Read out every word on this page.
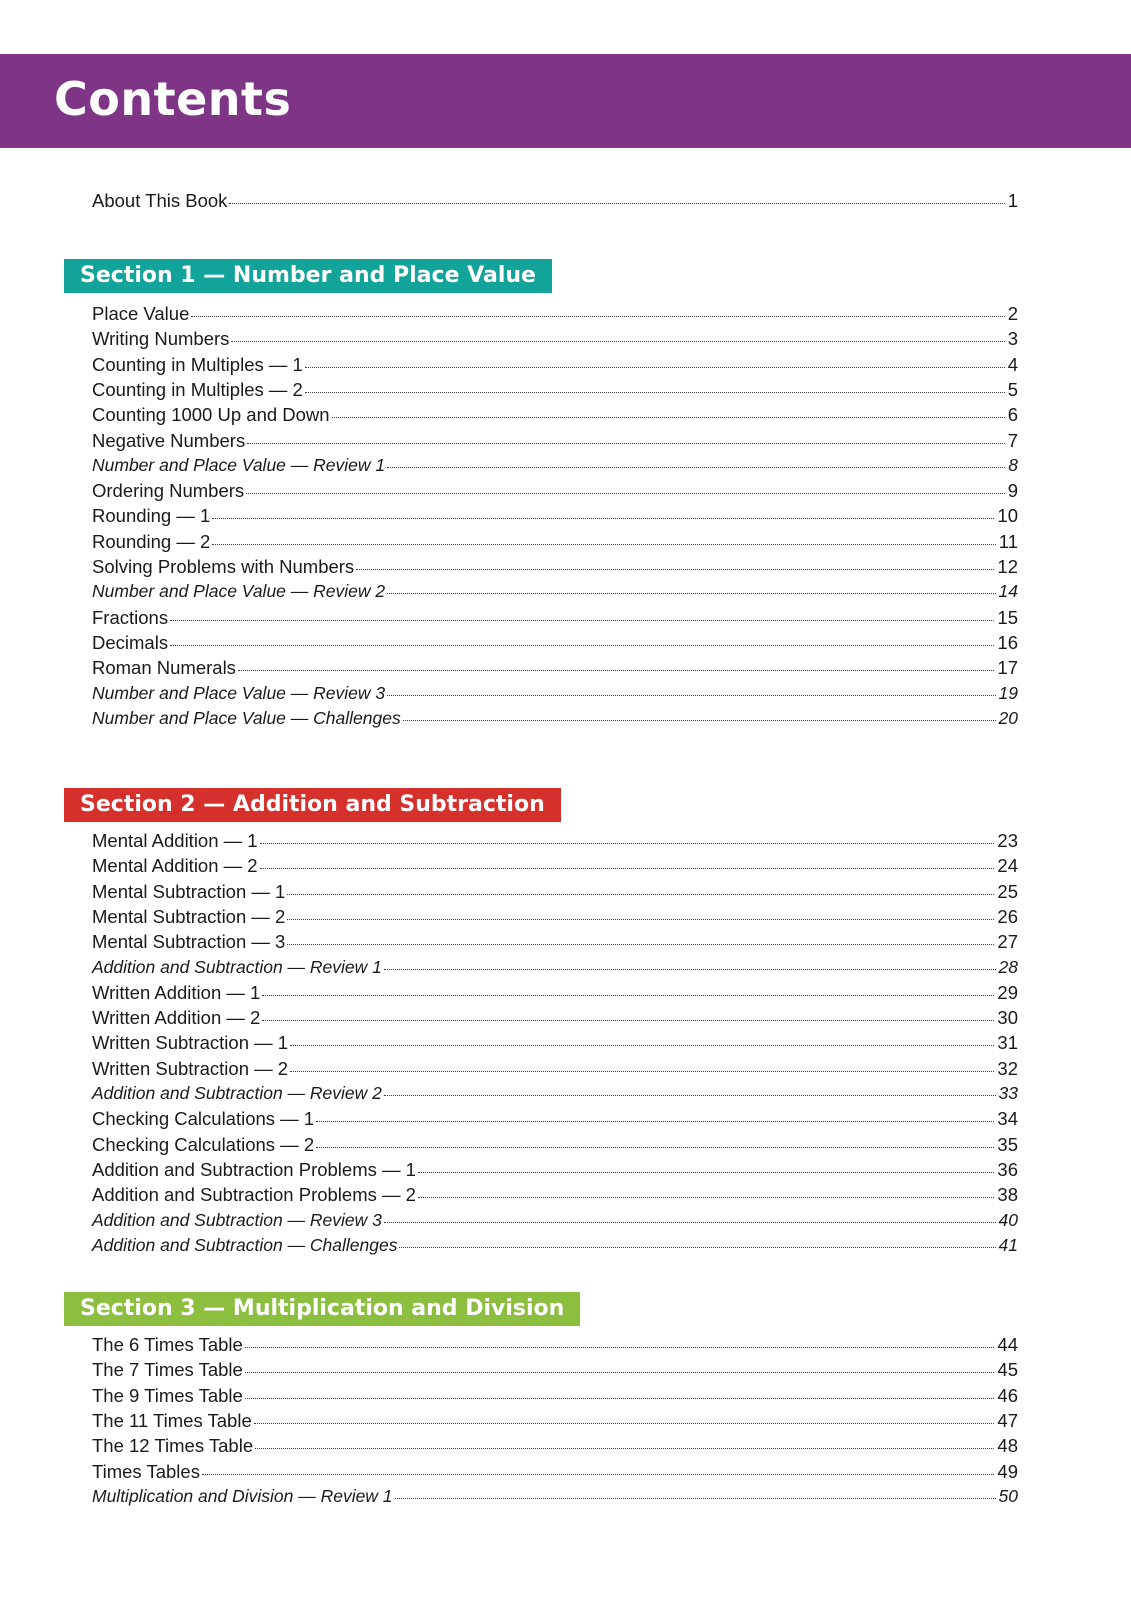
Contents
About This Book	1
Section 1 — Number and Place Value
Place Value	2
Writing Numbers	3
Counting in Multiples — 1	4
Counting in Multiples — 2	5
Counting 1000 Up and Down	6
Negative Numbers	7
Number and Place Value — Review 1	8
Ordering Numbers	9
Rounding — 1	10
Rounding — 2	11
Solving Problems with Numbers	12
Number and Place Value — Review 2	14
Fractions	15
Decimals	16
Roman Numerals	17
Number and Place Value — Review 3	19
Number and Place Value — Challenges	20
Section 2 — Addition and Subtraction
Mental Addition — 1	23
Mental Addition — 2	24
Mental Subtraction — 1	25
Mental Subtraction — 2	26
Mental Subtraction — 3	27
Addition and Subtraction — Review 1	28
Written Addition — 1	29
Written Addition — 2	30
Written Subtraction — 1	31
Written Subtraction — 2	32
Addition and Subtraction — Review 2	33
Checking Calculations — 1	34
Checking Calculations — 2	35
Addition and Subtraction Problems — 1	36
Addition and Subtraction Problems — 2	38
Addition and Subtraction — Review 3	40
Addition and Subtraction — Challenges	41
Section 3 — Multiplication and Division
The 6 Times Table	44
The 7 Times Table	45
The 9 Times Table	46
The 11 Times Table	47
The 12 Times Table	48
Times Tables	49
Multiplication and Division — Review 1	50
